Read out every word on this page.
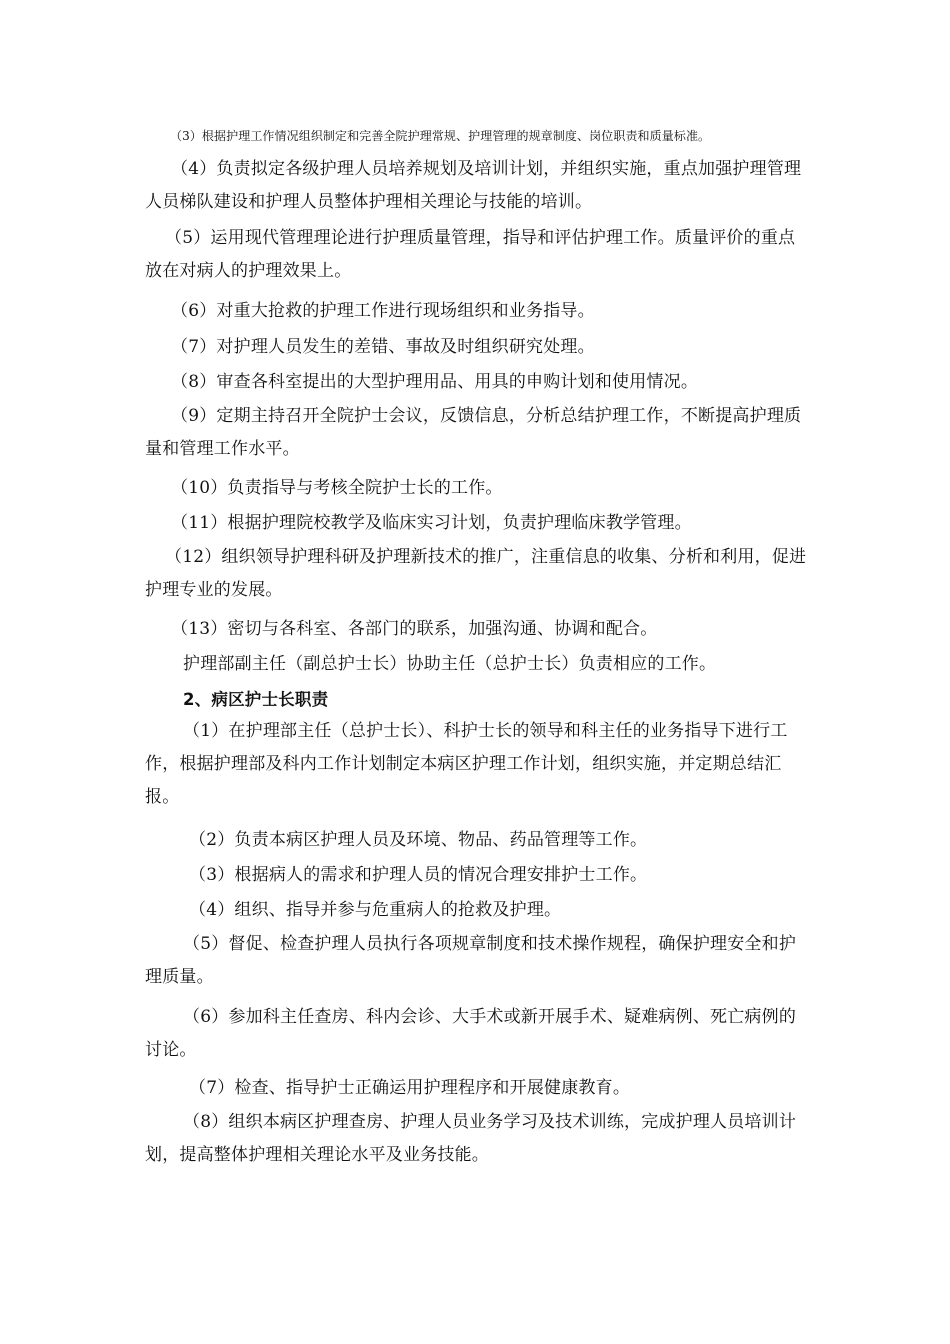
（3）根据护理工作情况组织制定和完善全院护理常规、护理管理的规章制度、岗位职责和质量标准。

（4）负责拟定各级护理人员培养规划及培训计划，并组织实施，重点加强护理管理人员梯队建设和护理人员整体护理相关理论与技能的培训。

（5）运用现代管理理论进行护理质量管理，指导和评估护理工作。质量评价的重点放在对病人的护理效果上。

（6）对重大抢救的护理工作进行现场组织和业务指导。

（7）对护理人员发生的差错、事故及时组织研究处理。

（8）审查各科室提出的大型护理用品、用具的申购计划和使用情况。

（9）定期主持召开全院护士会议，反馈信息，分析总结护理工作，不断提高护理质量和管理工作水平。

（10）负责指导与考核全院护士长的工作。

（11）根据护理院校教学及临床实习计划，负责护理临床教学管理。

（12）组织领导护理科研及护理新技术的推广，注重信息的收集、分析和利用，促进护理专业的发展。

（13）密切与各科室、各部门的联系，加强沟通、协调和配合。

护理部副主任（副总护士长）协助主任（总护士长）负责相应的工作。

2、病区护士长职责

（1）在护理部主任（总护士长）、科护士长的领导和科主任的业务指导下进行工作，根据护理部及科内工作计划制定本病区护理工作计划，组织实施，并定期总结汇报。

（2）负责本病区护理人员及环境、物品、药品管理等工作。

（3）根据病人的需求和护理人员的情况合理安排护士工作。

（4）组织、指导并参与危重病人的抢救及护理。

（5）督促、检查护理人员执行各项规章制度和技术操作规程，确保护理安全和护理质量。

（6）参加科主任查房、科内会诊、大手术或新开展手术、疑难病例、死亡病例的讨论。

（7）检查、指导护士正确运用护理程序和开展健康教育。

（8）组织本病区护理查房、护理人员业务学习及技术训练，完成护理人员培训计划，提高整体护理相关理论水平及业务技能。
